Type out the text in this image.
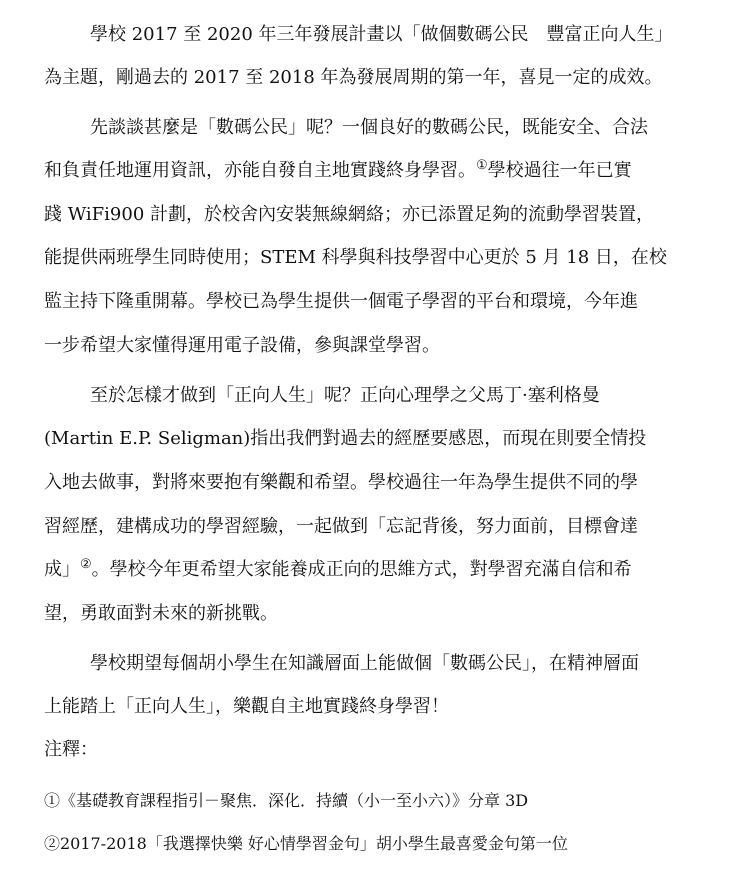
學校 2017 至 2020 年三年發展計畫以「做個數碼公民　豐富正向人生」
為主題，剛過去的 2017 至 2018 年為發展周期的第一年，喜見一定的成效。
先談談甚麼是「數碼公民」呢？一個良好的數碼公民，既能安全、合法
和負責任地運用資訊，亦能自發自主地實踐終身學習。①學校過往一年已實
踐 WiFi900 計劃，於校舍內安裝無線網絡；亦已添置足夠的流動學習裝置，
能提供兩班學生同時使用；STEM 科學與科技學習中心更於 5 月 18 日，在校
監主持下隆重開幕。學校已為學生提供一個電子學習的平台和環境，今年進
一步希望大家懂得運用電子設備，參與課堂學習。
至於怎樣才做到「正向人生」呢？正向心理學之父馬丁·塞利格曼
(Martin E.P. Seligman)指出我們對過去的經歷要感恩，而現在則要全情投
入地去做事，對將來要抱有樂觀和希望。學校過往一年為學生提供不同的學
習經歷，建構成功的學習經驗，一起做到「忘記背後，努力面前，目標會達
成」②。學校今年更希望大家能養成正向的思維方式，對學習充滿自信和希
望，勇敢面對未來的新挑戰。
學校期望每個胡小學生在知識層面上能做個「數碼公民」，在精神層面
上能踏上「正向人生」，樂觀自主地實踐終身學習！
注釋：
①《基礎教育課程指引－聚焦．深化．持續（小一至小六）》分章 3D
②2017-2018「我選擇快樂 好心情學習金句」胡小學生最喜愛金句第一位
